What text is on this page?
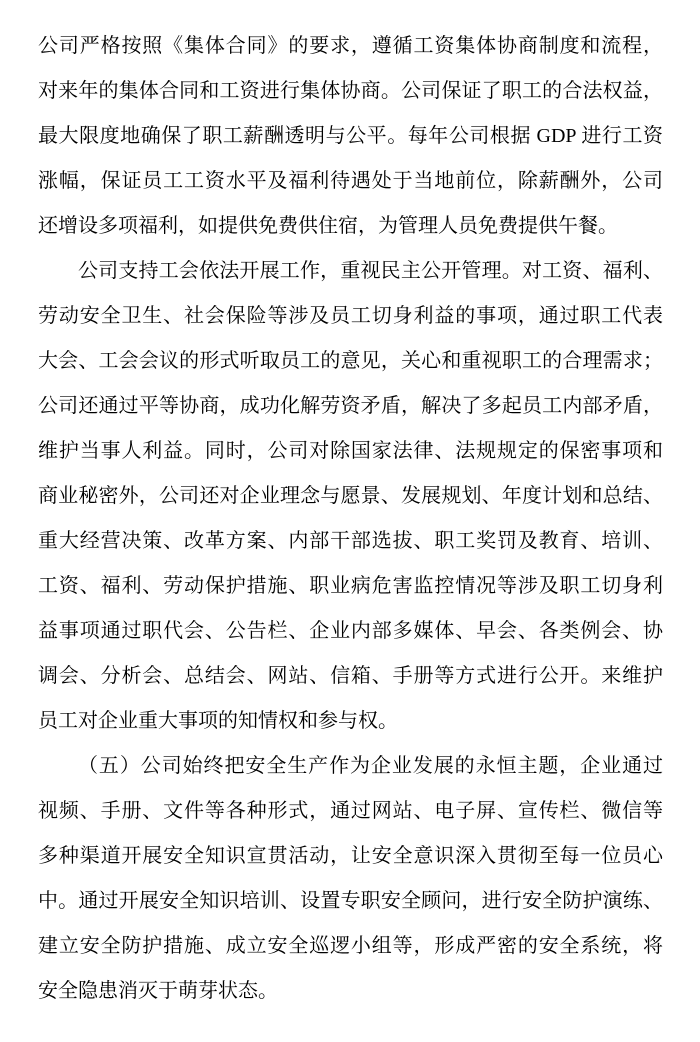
公司严格按照《集体合同》的要求，遵循工资集体协商制度和流程，
对来年的集体合同和工资进行集体协商。公司保证了职工的合法权益，
最大限度地确保了职工薪酬透明与公平。每年公司根据 GDP 进行工资
涨幅，保证员工工资水平及福利待遇处于当地前位，除薪酬外，公司
还增设多项福利，如提供免费供住宿，为管理人员免费提供午餐。
公司支持工会依法开展工作，重视民主公开管理。对工资、福利、
劳动安全卫生、社会保险等涉及员工切身利益的事项，通过职工代表
大会、工会会议的形式听取员工的意见，关心和重视职工的合理需求；
公司还通过平等协商，成功化解劳资矛盾，解决了多起员工内部矛盾，
维护当事人利益。同时，公司对除国家法律、法规规定的保密事项和
商业秘密外，公司还对企业理念与愿景、发展规划、年度计划和总结、
重大经营决策、改革方案、内部干部选拔、职工奖罚及教育、培训、
工资、福利、劳动保护措施、职业病危害监控情况等涉及职工切身利
益事项通过职代会、公告栏、企业内部多媒体、早会、各类例会、协
调会、分析会、总结会、网站、信箱、手册等方式进行公开。来维护
员工对企业重大事项的知情权和参与权。
（五）公司始终把安全生产作为企业发展的永恒主题，企业通过
视频、手册、文件等各种形式，通过网站、电子屏、宣传栏、微信等
多种渠道开展安全知识宣贯活动，让安全意识深入贯彻至每一位员心
中。通过开展安全知识培训、设置专职安全顾问，进行安全防护演练、
建立安全防护措施、成立安全巡逻小组等，形成严密的安全系统，将
安全隐患消灭于萌芽状态。
